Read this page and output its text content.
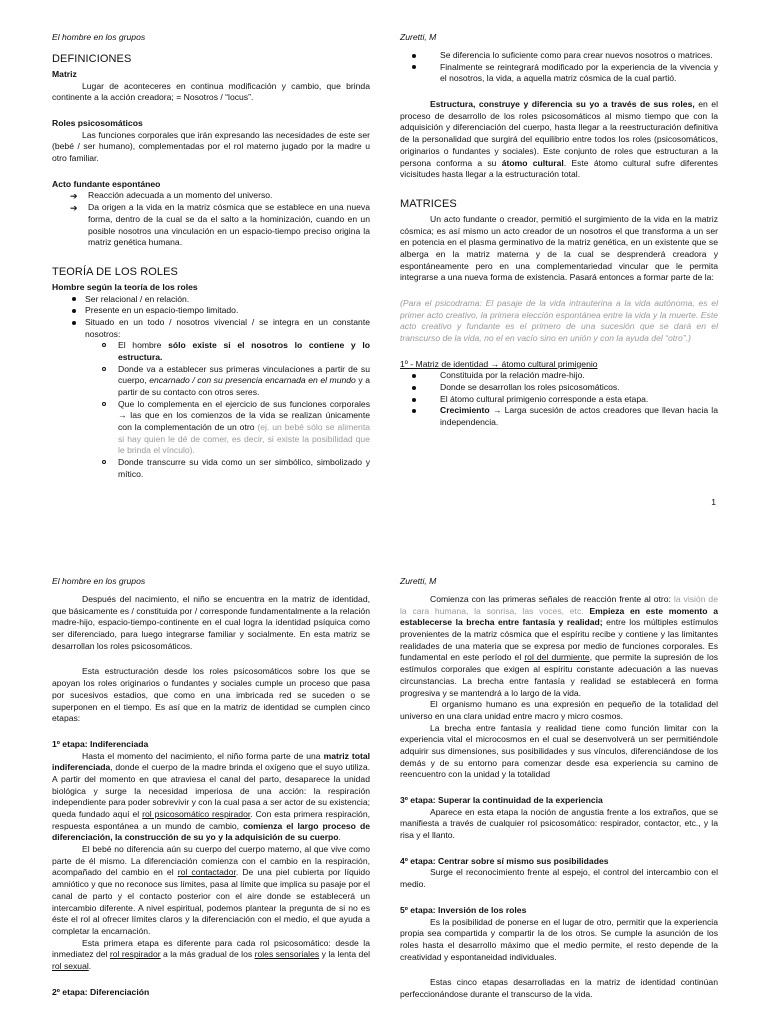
El hombre en los grupos	Zuretti, M
DEFINICIONES
Matriz

Lugar de aconteceres en continua modificación y cambio, que brinda continente a la acción creadora; = Nosotros / “locus”.

Roles psicosomáticos

Las funciones corporales que irán expresando las necesidades de este ser (bebé / ser humano), complementadas por el rol materno jugado por la madre u otro familiar.

Acto fundante espontáneo
➔ Reacción adecuada a un momento del universo.
➔ Da origen a la vida en la matriz cósmica que se establece en una nueva forma, dentro de la cual se da el salto a la hominización, cuando en un posible nosotros una vinculación en un espacio-tiempo preciso origina la matriz genética humana.
TEORÍA DE LOS ROLES
Hombre según la teoría de los roles
Ser relacional / en relación.
Presente en un espacio-tiempo limitado.
Situado en un todo / nosotros vivencial / se integra en un constante nosotros:
El hombre sólo existe si el nosotros lo contiene y lo estructura.
Donde va a establecer sus primeras vinculaciones a partir de su cuerpo, encarnado / con su presencia encarnada en el mundo y a partir de su contacto con otros seres.
Que lo complementa en el ejercicio de sus funciones corporales → las que en los comienzos de la vida se realizan únicamente con la complementación de un otro (ej. un bebé sólo se alimenta si hay quien le dé de comer, es decir, si existe la posibilidad que le brinda el vínculo).
Donde transcurre su vida como un ser simbólico, simbolizado y mítico.
Se diferencia lo suficiente como para crear nuevos nosotros o matrices.
Finalmente se reintegrará modificado por la experiencia de la vivencia y el nosotros, la vida, a aquella matriz cósmica de la cual partió.

Estructura, construye y diferencia su yo a través de sus roles, en el proceso de desarrollo de los roles psicosomáticos al mismo tiempo que con la adquisición y diferenciación del cuerpo, hasta llegar a la reestructuración definitiva de la personalidad que surgirá del equilibrio entre todos los roles (psicosomáticos, originarios o fundantes y sociales). Este conjunto de roles que estructuran a la persona conforma a su átomo cultural. Este átomo cultural sufre diferentes vicisitudes hasta llegar a la estructuración total.

MATRICES

Un acto fundante o creador, permitió el surgimiento de la vida en la matriz cósmica; es así mismo un acto creador de un nosotros el que transforma a un ser en potencia en el plasma germinativo de la matriz genética, en un existente que se alberga en la matriz materna y de la cual se desprenderá creadora y espontáneamente pero en una complementariedad vincular que le permita integrarse a una nueva forma de existencia. Pasará entonces a formar parte de la:

(Para el psicodrama: El pasaje de la vida intrauterina a la vida autónoma, es el primer acto creativo, la primera elección espontánea entre la vida y la muerte. Este acto creativo y fundante es el primero de una sucesión que se dará en el transcurso de la vida, no el en vacío sino en unión y con la ayuda del “otro”.)

1º - Matriz de identidad → átomo cultural primigenio
Constituida por la relación madre-hijo.
Donde se desarrollan los roles psicosomáticos.
El átomo cultural primigenio corresponde a esta etapa.
Crecimiento → Larga sucesión de actos creadores que llevan hacia la independencia.
1
El hombre en los grupos	Zuretti, M

Después del nacimiento, el niño se encuentra en la matriz de identidad, que básicamente es / constituida por / corresponde fundamentalmente a la relación madre-hijo, espacio-tiempo-continente en el cual logra la identidad psíquica como ser diferenciado, para luego integrarse familiar y socialmente. En esta matriz se desarrollan los roles psicosomáticos.

Esta estructuración desde los roles psicosomáticos sobre los que se apoyan los roles originarios o fundantes y sociales cumple un proceso que pasa por sucesivos estadios, que como en una imbricada red se suceden o se superponen en el tiempo. Es así que en la matriz de identidad se cumplen cinco etapas:

1º etapa: Indiferenciada

Hasta el momento del nacimiento, el niño forma parte de una matriz total indiferenciada, donde el cuerpo de la madre brinda el oxígeno que el suyo utiliza. A partir del momento en que atraviesa el canal del parto, desaparece la unidad biológica y surge la necesidad imperiosa de una acción: la respiración independiente para poder sobrevivir y con la cual pasa a ser actor de su existencia; queda fundado aquí el rol psicosomático respirador. Con esta primera respiración, respuesta espontánea a un mundo de cambio, comienza el largo proceso de diferenciación, la construcción de su yo y la adquisición de su cuerpo.

El bebé no diferencia aún su cuerpo del cuerpo materno, al que vive como parte de él mismo. La diferenciación comienza con el cambio en la respiración, acompañado del cambio en el rol contactador. De una piel cubierta por líquido amniótico y que no reconoce sus límites, pasa al límite que implica su pasaje por el canal de parto y el contacto posterior con el aire donde se establecerá un intercambio diferente. A nivel espiritual, podemos plantear la pregunta de si no es éste el rol al ofrecer límites claros y la diferenciación con el medio, el que ayuda a completar la encarnación.

Esta primera etapa es diferente para cada rol psicosomático: desde la inmediatez del rol respirador a la más gradual de los roles sensoriales y la lenta del rol sexual.

2º etapa: Diferenciación

Comienza con las primeras señales de reacción frente al otro: la visión de la cara humana, la sonrisa, las voces, etc. Empieza en este momento a establecerse la brecha entre fantasía y realidad; entre los múltiples estímulos provenientes de la matriz cósmica que el espíritu recibe y contiene y las limitantes realidades de una materia que se expresa por medio de funciones corporales. Es fundamental en este período el rol del durmiente, que permite la supresión de los estímulos corporales que exigen al espíritu constante adecuación a las nuevas circunstancias. La brecha entre fantasía y realidad se establecerá en forma progresiva y se mantendrá a lo largo de la vida.

El organismo humano es una expresión en pequeño de la totalidad del universo en una clara unidad entre macro y micro cosmos.

La brecha entre fantasía y realidad tiene como función limitar con la experiencia vital el microcosmos en el cual se desenvolverá un ser permitiéndole adquirir sus dimensiones, sus posibilidades y sus vínculos, diferenciándose de los demás y de su entorno para comenzar desde esa experiencia su camino de reencuentro con la unidad y la totalidad

3º etapa: Superar la continuidad de la experiencia

Aparece en esta etapa la noción de angustia frente a los extraños, que se manifiesta a través de cualquier rol psicosomático: respirador, contactor, etc., y la risa y el llanto.

4º etapa: Centrar sobre sí mismo sus posibilidades

Surge el reconocimiento frente al espejo, el control del intercambio con el medio.

5º etapa: Inversión de los roles

Es la posibilidad de ponerse en el lugar de otro, permitir que la experiencia propia sea compartida y compartir la de los otros. Se cumple la asunción de los roles hasta el desarrollo máximo que el medio permite, el resto depende de la creatividad y espontaneidad individuales.

Estas cinco etapas desarrolladas en la matriz de identidad continúan perfeccionándose durante el transcurso de la vida.
